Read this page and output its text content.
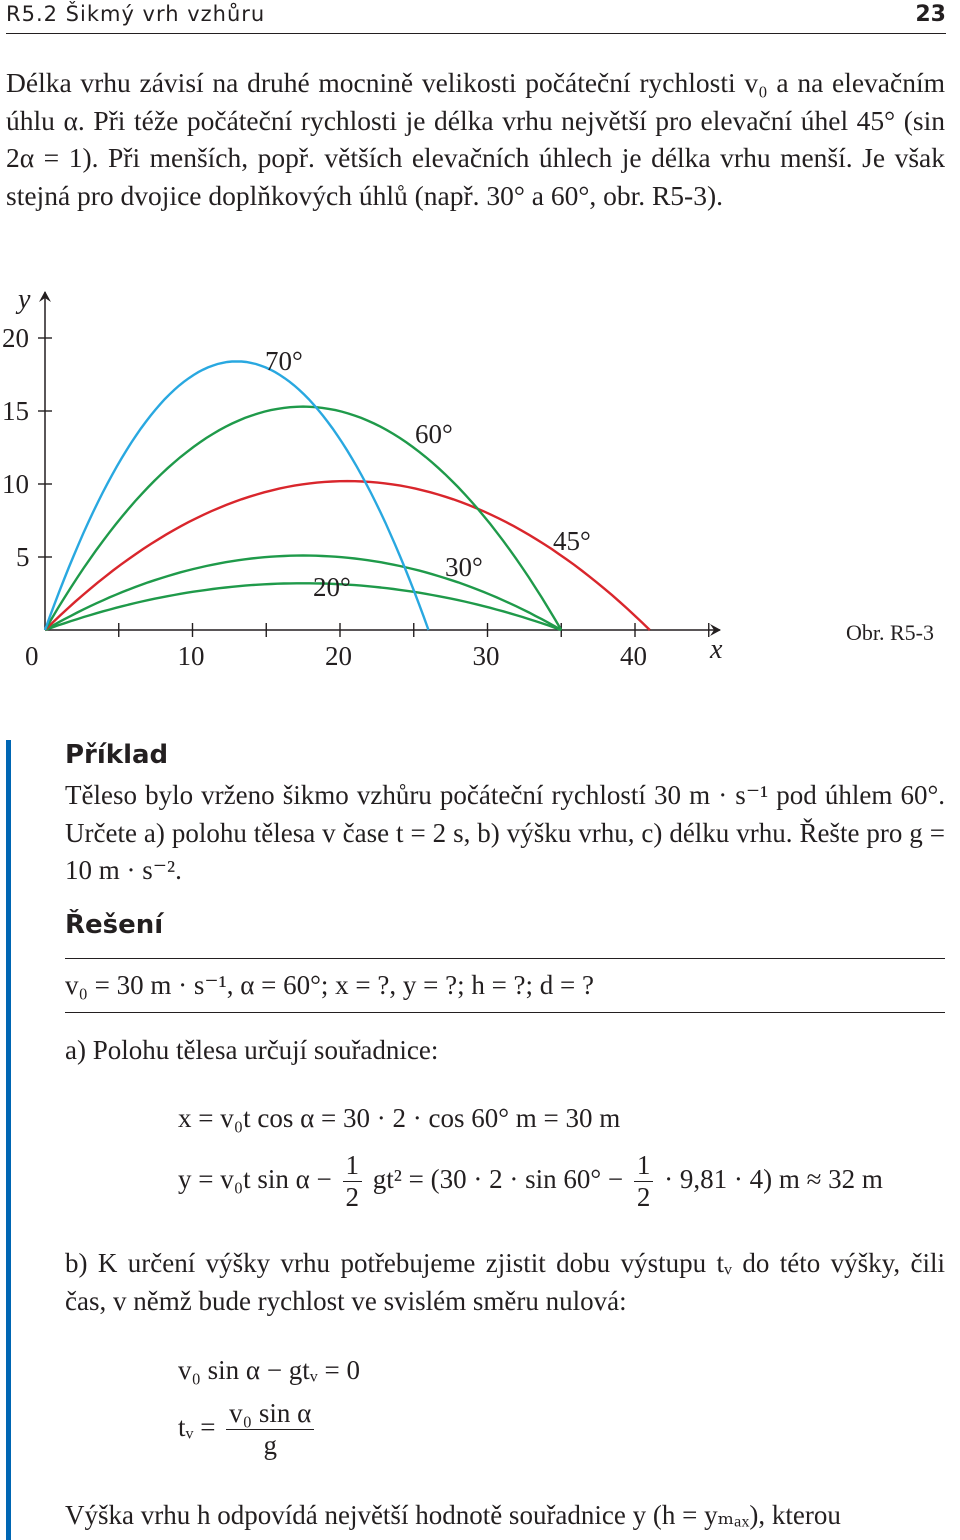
R5.2 Šikmý vrh vzhůru	23

Délka vrhu závisí na druhé mocnině velikosti počáteční rychlosti v₀ a na elevačním úhlu α. Při téže počáteční rychlosti je délka vrhu největší pro elevační úhel 45° (sin 2α = 1). Při menších, popř. větších elevačních úhlech je délka vrhu menší. Je však stejná pro dvojice doplňkových úhlů (např. 30° a 60°, obr. R5-3).

0	10	20	30	40
5
10
15
20
x
y
20°
30°
45°
60°
70°
Obr. R5-3
Příklad

Těleso bylo vrženo šikmo vzhůru počáteční rychlostí 30 m · s⁻¹ pod úhlem 60°. Určete a) polohu tělesa v čase t = 2 s, b) výšku vrhu, c) délku vrhu. Řešte pro g = 10 m · s⁻².

Řešení
v₀ = 30 m · s⁻¹, α = 60°; x = ?, y = ?; h = ?; d = ?
a) Polohu tělesa určují souřadnice:
x = v₀t cos α = 30 · 2 · cos 60° m = 30 m
y = v₀t $\sin \alpha - \frac{1}{2} gt^2 = (30 \cdot 2 \cdot \sin 60^\circ - \frac{1}{2} \cdot 9,81 \cdot 4) m \approx 32$ m

b) K určení výšky vrhu potřebujeme zjistit dobu výstupu tᵥ do této výšky, čili čas, v němž bude rychlost ve svislém směru nulová:

v₀ sin α − gtᵥ = 0
tᵥ = $\frac{\text{v₀ sin α}}{g}$
Výška vrhu h odpovídá největší hodnotě souřadnice y (h = yₘₐₓ), kterou
